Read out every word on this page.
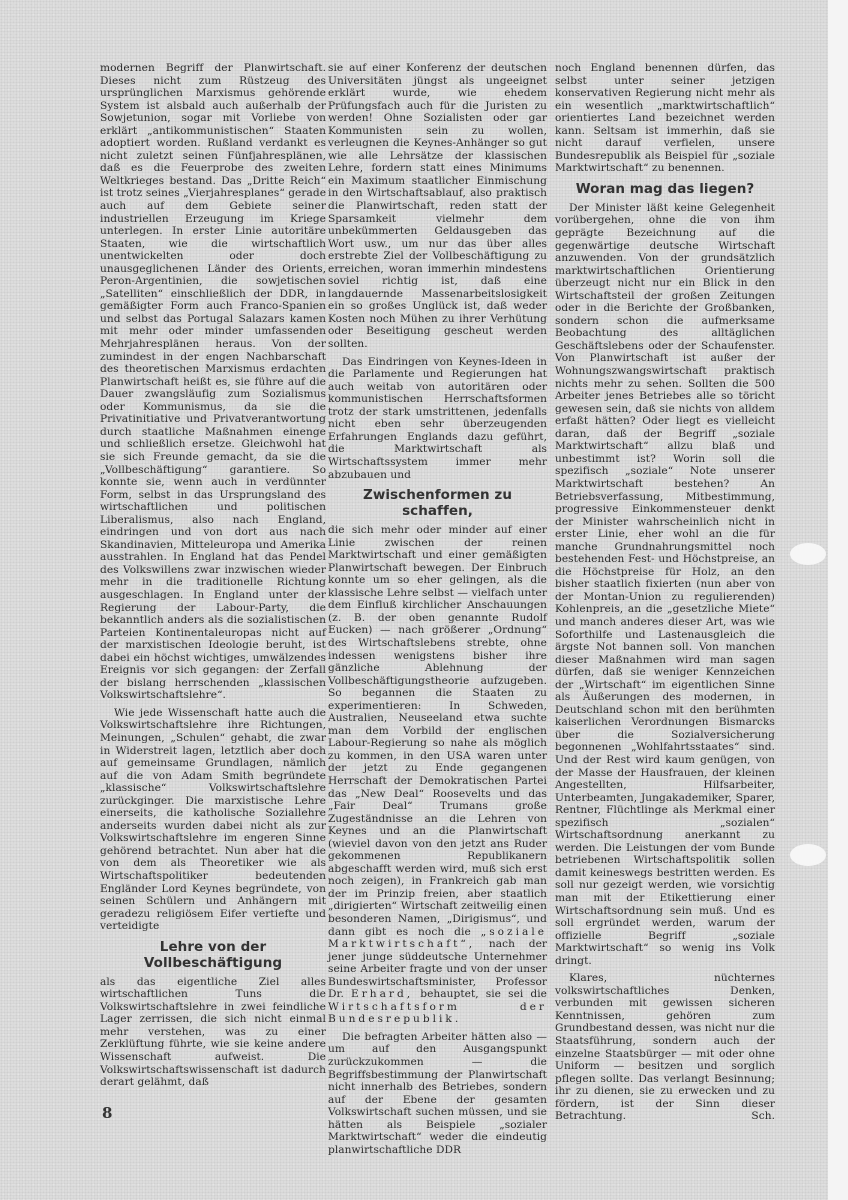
modernen Begriff der Planwirtschaft. Dieses nicht zum Rüstzeug des ursprünglichen Marxismus gehörende System ist alsbald auch außerhalb der Sowjetunion, sogar mit Vorliebe von erklärt „antikommunistischen“ Staaten adoptiert worden. Rußland verdankt es nicht zuletzt seinen Fünfjahresplänen, daß es die Feuerprobe des zweiten Weltkrieges bestand. Das „Dritte Reich“ ist trotz seines „Vierjahresplanes“ gerade auch auf dem Gebiete seiner industriellen Erzeugung im Kriege unterlegen. In erster Linie autoritäre Staaten, wie die wirtschaftlich unentwickelten oder doch unausgeglichenen Länder des Orients, Peron-Argentinien, die sowjetischen „Satelliten“ einschließlich der DDR, in gemäßigter Form auch Franco-Spanien und selbst das Portugal Salazars kamen mit mehr oder minder umfassenden Mehrjahresplänen heraus. Von der zumindest in der engen Nachbarschaft des theoretischen Marxismus erdachten Planwirtschaft heißt es, sie führe auf die Dauer zwangsläufig zum Sozialismus oder Kommunismus, da sie die Privatinitiative und Privatverantwortung durch staatliche Maßnahmen einenge und schließlich ersetze. Gleichwohl hat sie sich Freunde gemacht, da sie die „Vollbeschäftigung“ garantiere. So konnte sie, wenn auch in verdünnter Form, selbst in das Ursprungsland des wirtschaftlichen und politischen Liberalismus, also nach England, eindringen und von dort aus nach Skandinavien, Mitteleuropa und Amerika ausstrahlen. In England hat das Pendel des Volkswillens zwar inzwischen wieder mehr in die traditionelle Richtung ausgeschlagen. In England unter der Regierung der Labour-Party, die bekanntlich anders als die sozialistischen Parteien Kontinentaleuropas nicht auf der marxistischen Ideologie beruht, ist dabei ein höchst wichtiges, umwälzendes Ereignis vor sich gegangen: der Zerfall der bislang herrschenden „klassischen Volkswirtschaftslehre“.

Wie jede Wissenschaft hatte auch die Volkswirtschaftslehre ihre Richtungen, Meinungen, „Schulen“ gehabt, die zwar in Widerstreit lagen, letztlich aber doch auf gemeinsame Grundlagen, nämlich auf die von Adam Smith begründete „klassische“ Volkswirtschaftslehre zurückginger. Die marxistische Lehre einerseits, die katholische Soziallehre anderseits wurden dabei nicht als zur Volkswirtschaftslehre im engeren Sinne gehörend betrachtet. Nun aber hat die von dem als Theoretiker wie als Wirtschaftspolitiker bedeutenden Engländer Lord Keynes begründete, von seinen Schülern und Anhängern mit geradezu religiösem Eifer vertiefte und verteidigte

Lehre von der
Vollbeschäftigung

als das eigentliche Ziel alles wirtschaftlichen Tuns die Volkswirtschaftslehre in zwei feindliche Lager zerrissen, die sich nicht einmal mehr verstehen, was zu einer Zerklüftung führte, wie sie keine andere Wissenschaft aufweist. Die Volkswirtschaftswissenschaft ist dadurch derart gelähmt, daß

sie auf einer Konferenz der deutschen Universitäten jüngst als ungeeignet erklärt wurde, wie ehedem Prüfungsfach auch für die Juristen zu werden! Ohne Sozialisten oder gar Kommunisten sein zu wollen, verleugnen die Keynes-Anhänger so gut wie alle Lehrsätze der klassischen Lehre, fordern statt eines Minimums ein Maximum staatlicher Einmischung in den Wirtschaftsablauf, also praktisch die Planwirtschaft, reden statt der Sparsamkeit vielmehr dem unbekümmerten Geldausgeben das Wort usw., um nur das über alles erstrebte Ziel der Vollbeschäftigung zu erreichen, woran immerhin mindestens soviel richtig ist, daß eine langdauernde Massenarbeitslosigkeit ein so großes Unglück ist, daß weder Kosten noch Mühen zu ihrer Verhütung oder Beseitigung gescheut werden sollten.

Das Eindringen von Keynes-Ideen in die Parlamente und Regierungen hat auch weitab von autoritären oder kommunistischen Herrschaftsformen trotz der stark umstrittenen, jedenfalls nicht eben sehr überzeugenden Erfahrungen Englands dazu geführt, die Marktwirtschaft als Wirtschaftssystem immer mehr abzubauen und

Zwischenformen zu schaffen,

die sich mehr oder minder auf einer Linie zwischen der reinen Marktwirtschaft und einer gemäßigten Planwirtschaft bewegen. Der Einbruch konnte um so eher gelingen, als die klassische Lehre selbst — vielfach unter dem Einfluß kirchlicher Anschauungen (z. B. der oben genannte Rudolf Eucken) — nach größerer „Ordnung“ des Wirtschaftslebens strebte, ohne indessen wenigstens bisher ihre gänzliche Ablehnung der Vollbeschäftigungstheorie aufzugeben. So begannen die Staaten zu experimentieren: In Schweden, Australien, Neuseeland etwa suchte man dem Vorbild der englischen Labour-Regierung so nahe als möglich zu kommen, in den USA waren unter der jetzt zu Ende gegangenen Herrschaft der Demokratischen Partei das „New Deal“ Roosevelts und das „Fair Deal“ Trumans große Zugeständnisse an die Lehren von Keynes und an die Planwirtschaft (wieviel davon von den jetzt ans Ruder gekommenen Republikanern abgeschafft werden wird, muß sich erst noch zeigen), in Frankreich gab man der im Prinzip freien, aber staatlich „dirigierten“ Wirtschaft zeitweilig einen besonderen Namen, „Dirigismus“, und dann gibt es noch die „soziale Marktwirtschaft“, nach der jener junge süddeutsche Unternehmer seine Arbeiter fragte und von der unser Bundeswirtschaftsminister, Professor Dr. Erhard, behauptet, sie sei die Wirtschaftsform der Bundesrepublik.

Die befragten Arbeiter hätten also — um auf den Ausgangspunkt zurückzukommen — die Begriffsbestimmung der Planwirtschaft nicht innerhalb des Betriebes, sondern auf der Ebene der gesamten Volkswirtschaft suchen müssen, und sie hätten als Beispiele „sozialer Marktwirtschaft“ weder die eindeutig planwirtschaftliche DDR

noch England benennen dürfen, das selbst unter seiner jetzigen konservativen Regierung nicht mehr als ein wesentlich „marktwirtschaftlich“ orientiertes Land bezeichnet werden kann. Seltsam ist immerhin, daß sie nicht darauf verfielen, unsere Bundesrepublik als Beispiel für „soziale Marktwirtschaft“ zu benennen.

Woran mag das liegen?

Der Minister läßt keine Gelegenheit vorübergehen, ohne die von ihm geprägte Bezeichnung auf die gegenwärtige deutsche Wirtschaft anzuwenden. Von der grundsätzlich marktwirtschaftlichen Orientierung überzeugt nicht nur ein Blick in den Wirtschaftsteil der großen Zeitungen oder in die Berichte der Großbanken, sondern schon die aufmerksame Beobachtung des alltäglichen Geschäftslebens oder der Schaufenster. Von Planwirtschaft ist außer der Wohnungszwangswirtschaft praktisch nichts mehr zu sehen. Sollten die 500 Arbeiter jenes Betriebes alle so töricht gewesen sein, daß sie nichts von alldem erfaßt hätten? Oder liegt es vielleicht daran, daß der Begriff „soziale Marktwirtschaft“ allzu blaß und unbestimmt ist? Worin soll die spezifisch „soziale“ Note unserer Marktwirtschaft bestehen? An Betriebsverfassung, Mitbestimmung, progressive Einkommensteuer denkt der Minister wahrscheinlich nicht in erster Linie, eher wohl an die für manche Grundnahrungsmittel noch bestehenden Fest- und Höchstpreise, an die Höchstpreise für Holz, an den bisher staatlich fixierten (nun aber von der Montan-Union zu regulierenden) Kohlenpreis, an die „gesetzliche Miete“ und manch anderes dieser Art, was wie Soforthilfe und Lastenausgleich die ärgste Not bannen soll. Von manchen dieser Maßnahmen wird man sagen dürfen, daß sie weniger Kennzeichen der „Wirtschaft“ im eigentlichen Sinne als Äußerungen des modernen, in Deutschland schon mit den berühmten kaiserlichen Verordnungen Bismarcks über die Sozialversicherung begonnenen „Wohlfahrtsstaates“ sind. Und der Rest wird kaum genügen, von der Masse der Hausfrauen, der kleinen Angestellten, Hilfsarbeiter, Unterbeamten, Jungakademiker, Sparer, Rentner, Flüchtlinge als Merkmal einer spezifisch „sozialen“ Wirtschaftsordnung anerkannt zu werden. Die Leistungen der vom Bunde betriebenen Wirtschaftspolitik sollen damit keineswegs bestritten werden. Es soll nur gezeigt werden, wie vorsichtig man mit der Etikettierung einer Wirtschaftsordnung sein muß. Und es soll ergründet werden, warum der offizielle Begriff „soziale Marktwirtschaft“ so wenig ins Volk dringt.

Klares, nüchternes volkswirtschaftliches Denken, verbunden mit gewissen sicheren Kenntnissen, gehören zum Grundbestand dessen, was nicht nur die Staatsführung, sondern auch der einzelne Staatsbürger — mit oder ohne Uniform — besitzen und sorglich pflegen sollte. Das verlangt Besinnung; ihr zu dienen, sie zu erwecken und zu fördern, ist der Sinn dieser Betrachtung.	Sch.

8
